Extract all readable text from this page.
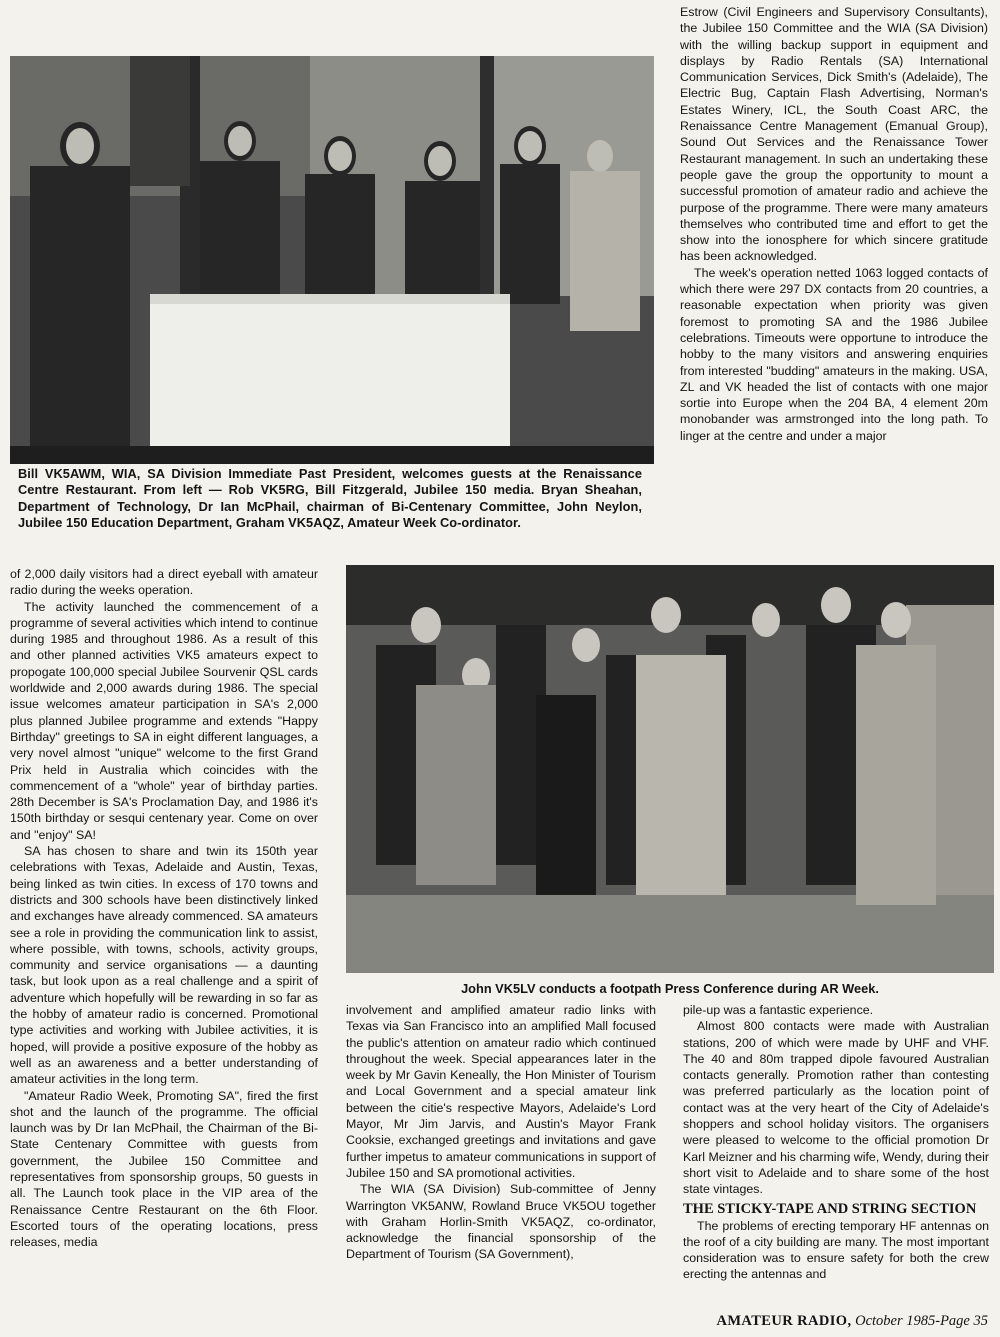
Bill VK5AWM, WIA, SA Division Immediate Past President, welcomes guests at the Renaissance Centre Restaurant. From left — Rob VK5RG, Bill Fitzgerald, Jubilee 150 media. Bryan Sheahan, Department of Technology, Dr Ian McPhail, chairman of Bi-Centenary Committee, John Neylon, Jubilee 150 Education Department, Graham VK5AQZ, Amateur Week Co-ordinator.

Estrow (Civil Engineers and Supervisory Consultants), the Jubilee 150 Committee and the WIA (SA Division) with the willing backup support in equipment and displays by Radio Rentals (SA) International Communication Services, Dick Smith's (Adelaide), The Electric Bug, Captain Flash Advertising, Norman's Estates Winery, ICL, the South Coast ARC, the Renaissance Centre Management (Emanual Group), Sound Out Services and the Renaissance Tower Restaurant management. In such an undertaking these people gave the group the opportunity to mount a successful promotion of amateur radio and achieve the purpose of the programme. There were many amateurs themselves who contributed time and effort to get the show into the ionosphere for which sincere gratitude has been acknowledged.

The week's operation netted 1063 logged contacts of which there were 297 DX contacts from 20 countries, a reasonable expectation when priority was given foremost to promoting SA and the 1986 Jubilee celebrations. Timeouts were opportune to introduce the hobby to the many visitors and answering enquiries from interested "budding" amateurs in the making. USA, ZL and VK headed the list of contacts with one major sortie into Europe when the 204 BA, 4 element 20m monobander was armstronged into the long path. To linger at the centre and under a major

of 2,000 daily visitors had a direct eyeball with amateur radio during the weeks operation.

The activity launched the commencement of a programme of several activities which intend to continue during 1985 and throughout 1986. As a result of this and other planned activities VK5 amateurs expect to propogate 100,000 special Jubilee Sourvenir QSL cards worldwide and 2,000 awards during 1986. The special issue welcomes amateur participation in SA's 2,000 plus planned Jubilee programme and extends "Happy Birthday" greetings to SA in eight different languages, a very novel almost "unique" welcome to the first Grand Prix held in Australia which coincides with the commencement of a "whole" year of birthday parties. 28th December is SA's Proclamation Day, and 1986 it's 150th birthday or sesqui centenary year. Come on over and "enjoy" SA!

SA has chosen to share and twin its 150th year celebrations with Texas, Adelaide and Austin, Texas, being linked as twin cities. In excess of 170 towns and districts and 300 schools have been distinctively linked and exchanges have already commenced. SA amateurs see a role in providing the communication link to assist, where possible, with towns, schools, activity groups, community and service organisations — a daunting task, but look upon as a real challenge and a spirit of adventure which hopefully will be rewarding in so far as the hobby of amateur radio is concerned. Promotional type activities and working with Jubilee activities, it is hoped, will provide a positive exposure of the hobby as well as an awareness and a better understanding of amateur activities in the long term.

"Amateur Radio Week, Promoting SA", fired the first shot and the launch of the programme. The official launch was by Dr Ian McPhail, the Chairman of the Bi-State Centenary Committee with guests from government, the Jubilee 150 Committee and representatives from sponsorship groups, 50 guests in all. The Launch took place in the VIP area of the Renaissance Centre Restaurant on the 6th Floor. Escorted tours of the operating locations, press releases, media

John VK5LV conducts a footpath Press Conference during AR Week.

involvement and amplified amateur radio links with Texas via San Francisco into an amplified Mall focused the public's attention on amateur radio which continued throughout the week. Special appearances later in the week by Mr Gavin Keneally, the Hon Minister of Tourism and Local Government and a special amateur link between the citie's respective Mayors, Adelaide's Lord Mayor, Mr Jim Jarvis, and Austin's Mayor Frank Cooksie, exchanged greetings and invitations and gave further impetus to amateur communications in support of Jubilee 150 and SA promotional activities.

The WIA (SA Division) Sub-committee of Jenny Warrington VK5ANW, Rowland Bruce VK5OU together with Graham Horlin-Smith VK5AQZ, co-ordinator, acknowledge the financial sponsorship of the Department of Tourism (SA Government),

pile-up was a fantastic experience.

Almost 800 contacts were made with Australian stations, 200 of which were made by UHF and VHF. The 40 and 80m trapped dipole favoured Australian contacts generally. Promotion rather than contesting was preferred particularly as the location point of contact was at the very heart of the City of Adelaide's shoppers and school holiday visitors. The organisers were pleased to welcome to the official promotion Dr Karl Meizner and his charming wife, Wendy, during their short visit to Adelaide and to share some of the host state vintages.

THE STICKY-TAPE AND STRING SECTION

The problems of erecting temporary HF antennas on the roof of a city building are many. The most important consideration was to ensure safety for both the crew erecting the antennas and

AMATEUR RADIO, October 1985-Page 35
